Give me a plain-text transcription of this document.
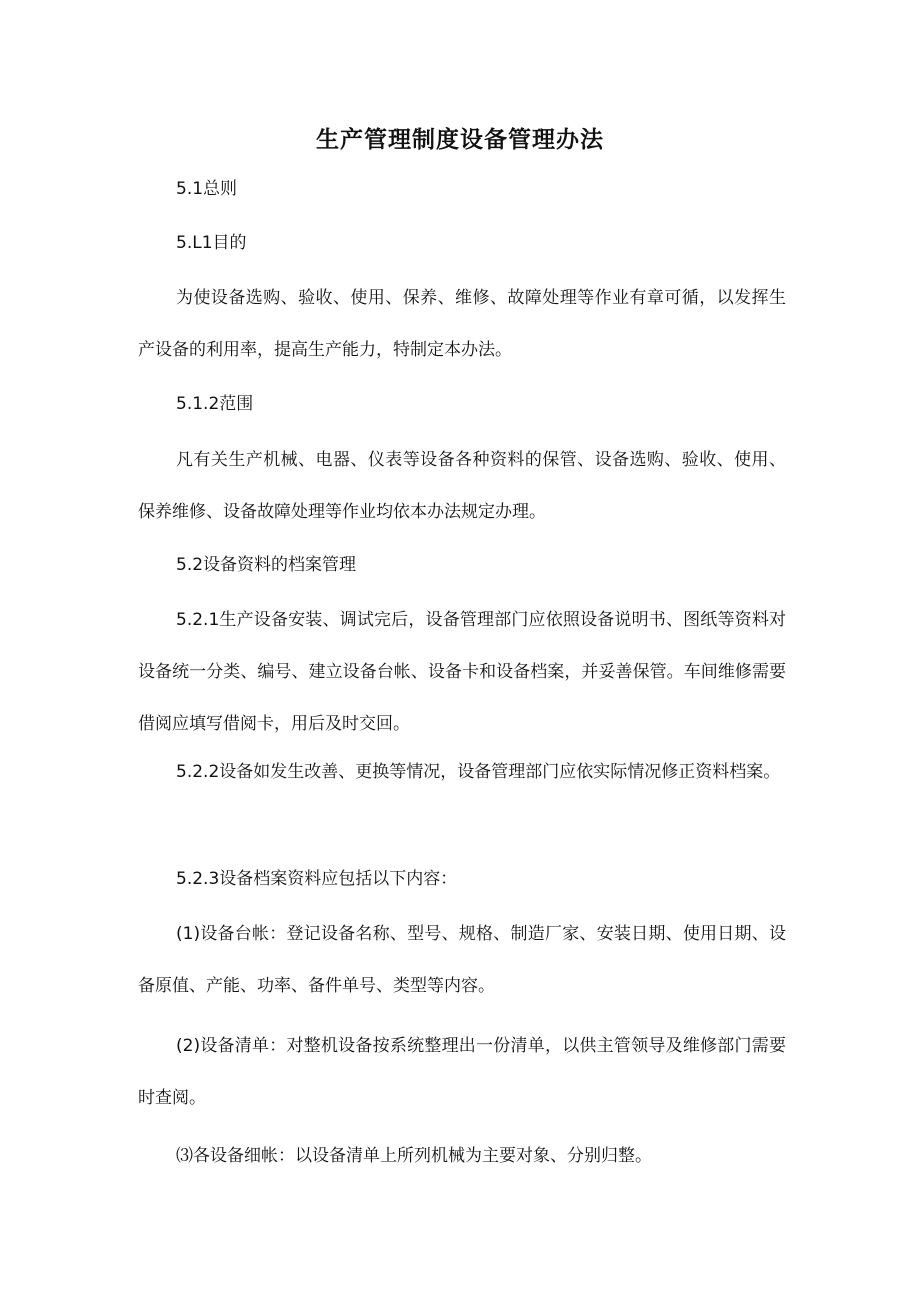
生产管理制度设备管理办法
5.1总则
5.L1目的
为使设备选购、验收、使用、保养、维修、故障处理等作业有章可循，以发挥生产设备的利用率，提高生产能力，特制定本办法。
5.1.2范围
凡有关生产机械、电器、仪表等设备各种资料的保管、设备选购、验收、使用、保养维修、设备故障处理等作业均依本办法规定办理。
5.2设备资料的档案管理
5.2.1生产设备安装、调试完后，设备管理部门应依照设备说明书、图纸等资料对设备统一分类、编号、建立设备台帐、设备卡和设备档案，并妥善保管。车间维修需要借阅应填写借阅卡，用后及时交回。
5.2.2设备如发生改善、更换等情况，设备管理部门应依实际情况修正资料档案。
5.2.3设备档案资料应包括以下内容：
(1)设备台帐：登记设备名称、型号、规格、制造厂家、安装日期、使用日期、设备原值、产能、功率、备件单号、类型等内容。
(2)设备清单：对整机设备按系统整理出一份清单，以供主管领导及维修部门需要时查阅。
⑶各设备细帐：以设备清单上所列机械为主要对象、分别归整。
